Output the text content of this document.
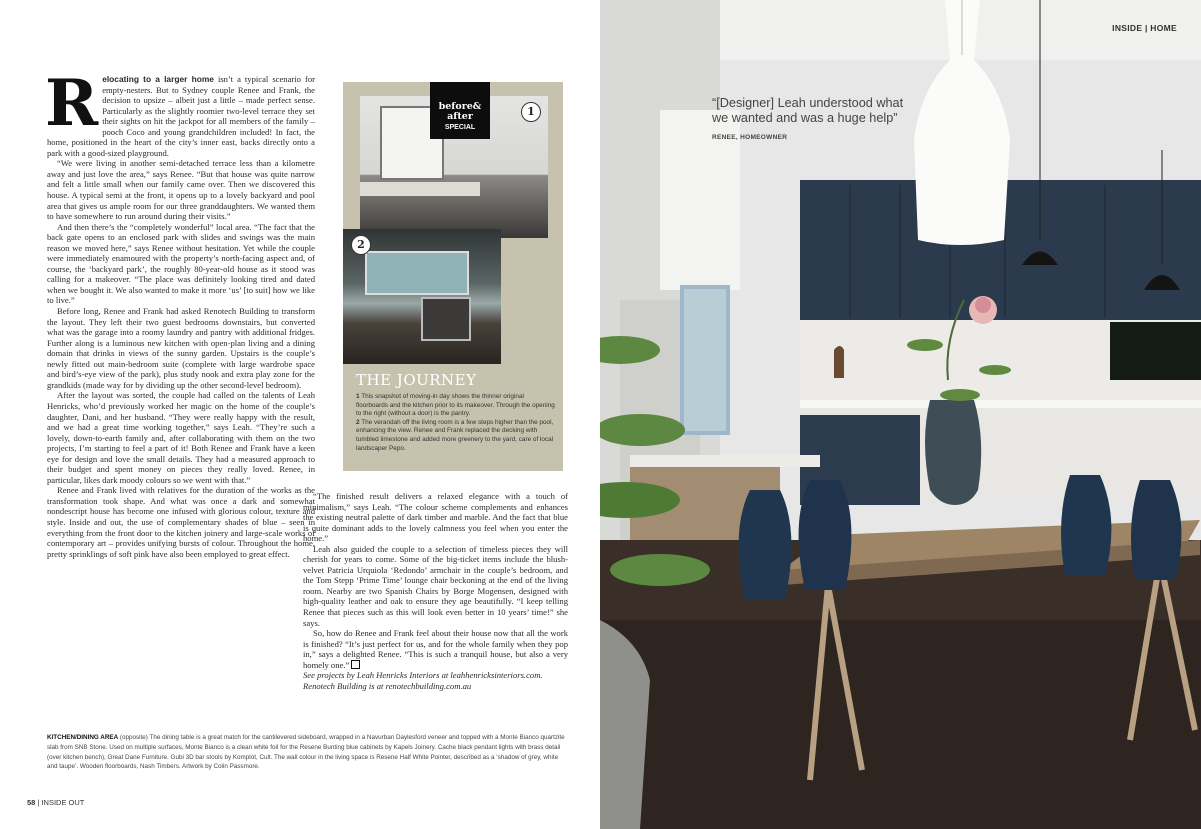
R elocating to a larger home isn’t a typical scenario for empty-nesters. But to Sydney couple Renee and Frank, the decision to upsize – albeit just a little – made perfect sense. Particularly as the slightly roomier two-level terrace they set their sights on hit the jackpot for all members of the family – pooch Coco and young grandchildren included! In fact, the home, positioned in the heart of the city’s inner east, backs directly onto a park with a good-sized playground.

“We were living in another semi-detached terrace less than a kilometre away and just love the area,” says Renee. “But that house was quite narrow and felt a little small when our family came over. Then we discovered this house. A typical semi at the front, it opens up to a lovely backyard and pool area that gives us ample room for our three granddaughters. We wanted them to have somewhere to run around during their visits.”

And then there’s the “completely wonderful” local area. “The fact that the back gate opens to an enclosed park with slides and swings was the main reason we moved here,” says Renee without hesitation. Yet while the couple were immediately enamoured with the property’s north-facing aspect and, of course, the ‘backyard park’, the roughly 80-year-old house as it stood was calling for a makeover. “The place was definitely looking tired and dated when we bought it. We also wanted to make it more ‘us’ [to suit] how we like to live.”

Before long, Renee and Frank had asked Renotech Building to transform the layout. They left their two guest bedrooms downstairs, but converted what was the garage into a roomy laundry and pantry with additional fridges. Further along is a luminous new kitchen with open-plan living and a dining domain that drinks in views of the sunny garden. Upstairs is the couple’s newly fitted out main-bedroom suite (complete with large wardrobe space and bird’s-eye view of the park), plus study nook and extra play zone for the grandkids (made way for by dividing up the other second-level bedroom).

After the layout was sorted, the couple had called on the talents of Leah Henricks, who’d previously worked her magic on the home of the couple’s daughter, Dani, and her husband. “They were really happy with the result, and we had a great time working together,” says Leah. “They’re such a lovely, down-to-earth family and, after collaborating with them on the two projects, I’m starting to feel a part of it! Both Renee and Frank have a keen eye for design and love the small details. They had a measured approach to their budget and spent money on pieces they really loved. Renee, in particular, likes dark moody colours so we went with that.”

Renee and Frank lived with relatives for the duration of the works as the transformation took shape. And what was once a dark and somewhat nondescript house has become one infused with glorious colour, texture and style. Inside and out, the use of complementary shades of blue – seen in everything from the front door to the kitchen joinery and large-scale works of contemporary art – provides unifying bursts of colour. Throughout the home, pretty sprinklings of soft pink have also been employed to great effect.

before&
after
SPECIAL
1
2
THE JOURNEY
1 This snapshot of moving-in day shows the thinner original floorboards and the kitchen prior to its makeover. Through the opening to the right (without a door) is the pantry.
2 The verandah off the living room is a few steps higher than the pool, enhancing the view. Renee and Frank replaced the decking with tumbled limestone and added more greenery to the yard, care of local landscaper Pepo.

“The finished result delivers a relaxed elegance with a touch of minimalism,” says Leah. “The colour scheme complements and enhances the existing neutral palette of dark timber and marble. And the fact that blue is quite dominant adds to the lovely calmness you feel when you enter the home.”

Leah also guided the couple to a selection of timeless pieces they will cherish for years to come. Some of the big-ticket items include the blush-velvet Patricia Urquiola ‘Redondo’ armchair in the couple’s bedroom, and the Tom Stepp ‘Prime Time’ lounge chair beckoning at the end of the living room. Nearby are two Spanish Chairs by Borge Mogensen, designed with high-quality leather and oak to ensure they age beautifully. “I keep telling Renee that pieces such as this will look even better in 10 years’ time!” she says.

So, how do Renee and Frank feel about their house now that all the work is finished? “It’s just perfect for us, and for the whole family when they pop in,” says a delighted Renee. “This is such a tranquil house, but also a very homely one.”

See projects by Leah Henricks Interiors at leahhenricksinteriors.com.

Renotech Building is at renotechbuilding.com.au

KITCHEN/DINING AREA (opposite) The dining table is a great match for the cantilevered sideboard, wrapped in a Navurban Daylesford veneer and topped with a Monte Bianco quartzite slab from SNB Stone. Used on multiple surfaces, Monte Bianco is a clean white foil for the Resene Bunting blue cabinets by Kapels Joinery. Cache black pendant lights with brass detail (over kitchen bench), Great Dane Furniture. Gubi 3D bar stools by Komplot, Cult. The wall colour in the living space is Resene Half White Pointer, described as a ‘shadow of grey, white and taupe’. Wooden floorboards, Nash Timbers. Artwork by Colin Passmore.
58 | INSIDE OUT
INSIDE | HOME
“[Designer] Leah understood what we wanted and was a huge help” RENEE, HOMEOWNER
